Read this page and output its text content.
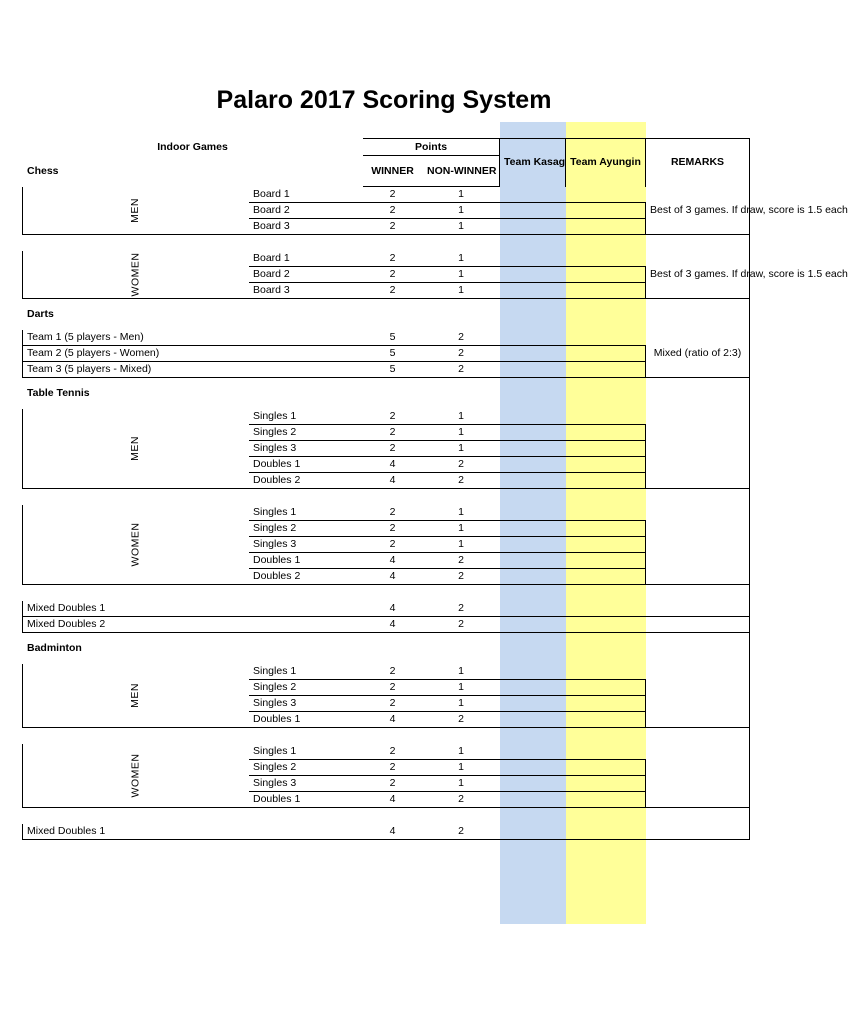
Palaro 2017 Scoring System
Indoor Games		Points		Team Kasag	Team Ayungin	REMARKS
Chess		WINNER	NON-WINNER			
MEN	Board 1	2	1			Best of 3 games. If draw, score is 1.5 each
	Board 2	2	1			
	Board 3	2	1			

WOMEN	Board 1	2	1			Best of 3 games. If draw, score is 1.5 each
	Board 2	2	1			
	Board 3	2	1			
Darts						
Team 1 (5 players - Men)		5	2			Mixed (ratio of 2:3)
Team 2 (5 players - Women)		5	2			
Team 3 (5 players - Mixed)		5	2			
Table Tennis						
MEN	Singles 1	2	1			
	Singles 2	2	1			
	Singles 3	2	1			
	Doubles 1	4	2			
	Doubles 2	4	2			

WOMEN	Singles 1	2	1			
	Singles 2	2	1			
	Singles 3	2	1			
	Doubles 1	4	2			
	Doubles 2	4	2			

Mixed Doubles 1		4	2			
Mixed Doubles 2		4	2			
Badminton						
MEN	Singles 1	2	1			
	Singles 2	2	1			
	Singles 3	2	1			
	Doubles 1	4	2			

WOMEN	Singles 1	2	1			
	Singles 2	2	1			
	Singles 3	2	1			
	Doubles 1	4	2			

Mixed Doubles 1		4	2			
